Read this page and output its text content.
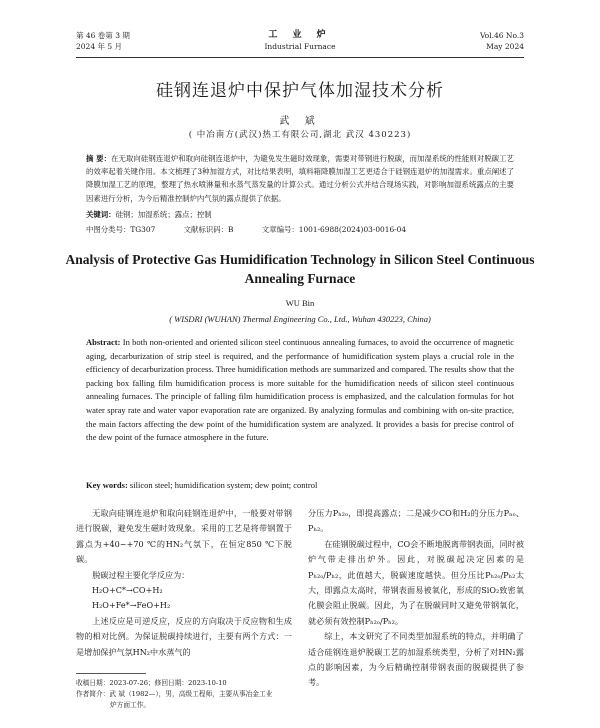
第 46 卷第 3 期
2024 年 5 月
工 业 炉
Industrial Furnace
Vol.46 No.3
May 2024
硅钢连退炉中保护气体加湿技术分析
武 斌
( 中冶南方(武汉)热工有限公司,湖北 武汉 430223)
摘 要：在无取向硅钢连退炉和取向硅钢连退炉中，为避免发生磁时效现象，需要对带钢进行脱碳，而加湿系统的性能则对脱碳工艺的效率起着关键作用。本文梳理了3种加湿方式，对比结果表明，填料箱降膜加湿工艺更适合于硅钢连退炉的加湿需求。重点阐述了降膜加湿工艺的原理，整理了热水喷淋量和水蒸气蒸发量的计算公式。通过分析公式并结合现场实践，对影响加湿系统露点的主要因素进行分析，为今后精准控制炉内气氛的露点提供了依据。
关键词：硅钢；加湿系统；露点；控制
中图分类号：TG307	文献标识码：B	文章编号：1001-6988(2024)03-0016-04
Analysis of Protective Gas Humidification Technology in Silicon Steel Continuous Annealing Furnace
WU Bin
( WISDRI (WUHAN) Thermal Engineering Co., Ltd., Wuhan 430223, China)
Abstract: In both non-oriented and oriented silicon steel continuous annealing furnaces, to avoid the occurrence of magnetic aging, decarburization of strip steel is required, and the performance of humidification system plays a crucial role in the efficiency of decarburization process. Three humidification methods are summarized and compared. The results show that the packing box falling film humidification process is more suitable for the humidification needs of silicon steel continuous annealing furnaces. The principle of falling film humidification process is emphasized, and the calculation formulas for hot water spray rate and water vapor evaporation rate are organized. By analyzing formulas and combining with on-site practice, the main factors affecting the dew point of the humidification system are analyzed. It provides a basis for precise control of the dew point of the furnace atmosphere in the future.
Key words: silicon steel; humidification system; dew point; control

无取向硅钢连退炉和取向硅钢连退炉中，一般要对带钢进行脱碳，避免发生磁时效现象。采用的工艺是将带钢置于露点为+40~+70 ℃的HN₂气氛下，在恒定850 ℃下脱碳。

脱碳过程主要化学反应为：

H₂O+C*→CO+H₂

H₂O+Fe*→FeO+H₂

上述反应是可逆反应，反应的方向取决于反应物和生成物的相对比例。为保证脱碳持续进行，主要有两个方式：一是增加保护气氛HN₂中水蒸气的

分压力Pₕ₂ₒ，即提高露点；二是减少CO和H₂的分压力Pₙₒ、Pₕ₂。

在硅钢脱碳过程中，CO会不断地脱离带钢表面，同时被炉气带走排出炉外。因此，对脱碳起决定因素的是Pₕ₂ₒ/Pₕ₂，此值越大，脱碳速度越快。但分压比Pₕ₂ₒ/Pₕ₂太大，即露点太高时，带钢表面易被氧化，形成的SiO₂致密氧化膜会阻止脱碳。因此，为了在脱碳同时又避免带钢氧化，就必须有效控制Pₕ₂ₒ/Pₕ₂。

综上，本文研究了不同类型加湿系统的特点，并明确了适合硅钢连退炉脱碳工艺的加湿系统类型，分析了对HN₂露点的影响因素，为今后精确控制带钢表面的脱碳提供了参考。

收稿日期：2023-07-26；修回日期：2023-10-10
作者简介：武 斌（1982—），男，高级工程师，主要从事冶金工业
炉方面工作。
